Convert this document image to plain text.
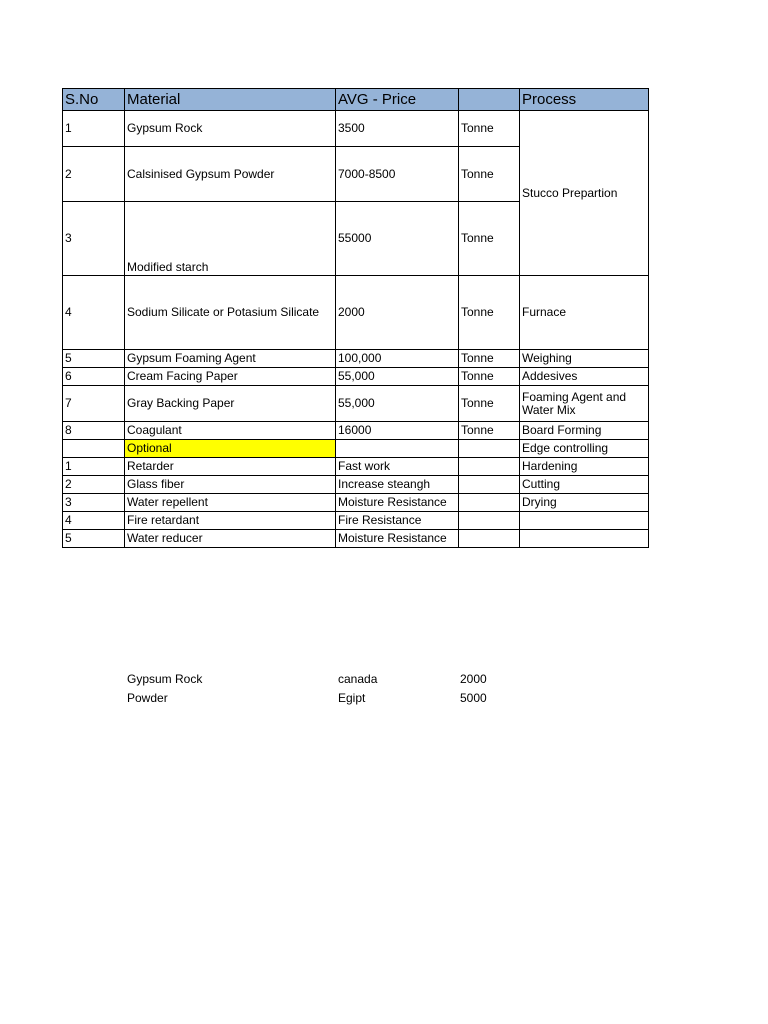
S.No	Material	AVG - Price		Process
1	Gypsum Rock	3500	Tonne	Stucco Prepartion
2	Calsinised Gypsum Powder	7000-8500	Tonne	
3	Modified starch	55000	Tonne	
4	Sodium Silicate or Potasium Silicate	2000	Tonne	Furnace
5	Gypsum Foaming Agent	100,000	Tonne	Weighing
6	Cream Facing Paper	55,000	Tonne	Addesives
7	Gray Backing Paper	55,000	Tonne	Foaming Agent and Water Mix
8	Coagulant	16000	Tonne	Board Forming
	Optional			Edge controlling
1	Retarder	Fast work		Hardening
2	Glass fiber	Increase steangh		Cutting
3	Water repellent	Moisture Resistance		Drying
4	Fire retardant	Fire Resistance		
5	Water reducer	Moisture Resistance		
Gypsum Rock	canada	2000
Powder	Egipt	5000
